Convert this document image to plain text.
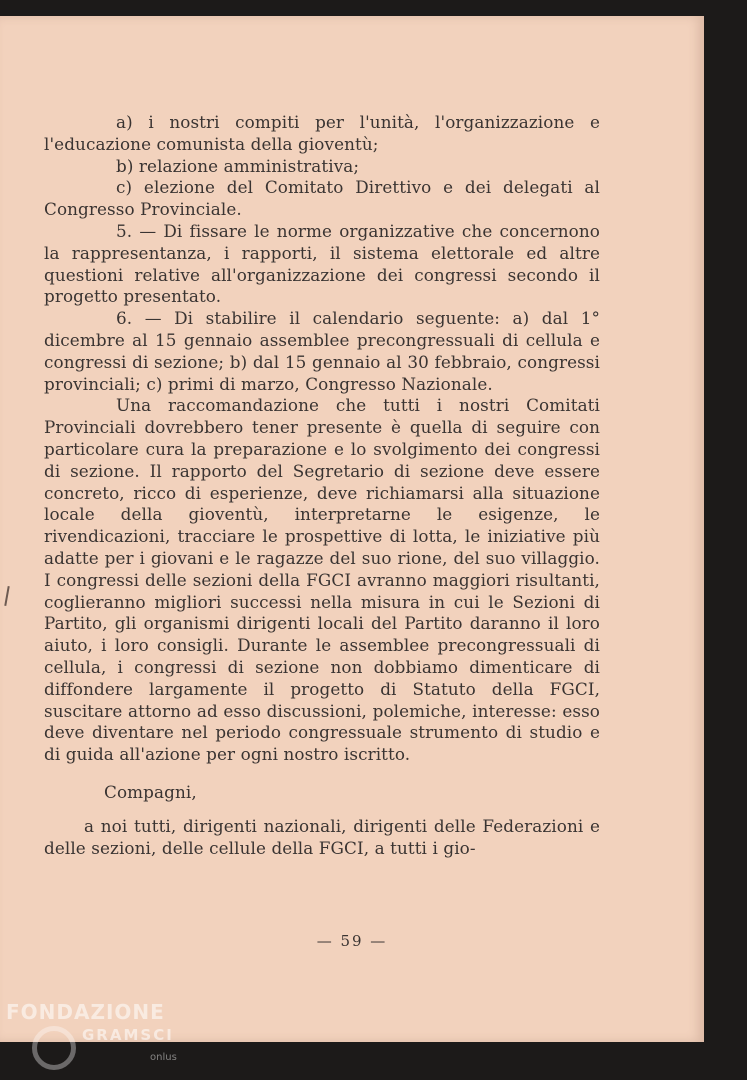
a) i nostri compiti per l'unità, l'organizzazione e l'educazione comunista della gioventù;

b) relazione amministrativa;

c) elezione del Comitato Direttivo e dei delegati al Congresso Provinciale.

5. — Di fissare le norme organizzative che concernono la rappresentanza, i rapporti, il sistema elettorale ed altre questioni relative all'organizzazione dei congressi secondo il progetto presentato.

6. — Di stabilire il calendario seguente: a) dal 1° dicembre al 15 gennaio assemblee precongressuali di cellula e congressi di sezione; b) dal 15 gennaio al 30 febbraio, congressi provinciali; c) primi di marzo, Congresso Nazionale.

Una raccomandazione che tutti i nostri Comitati Provinciali dovrebbero tener presente è quella di seguire con particolare cura la preparazione e lo svolgimento dei congressi di sezione. Il rapporto del Segretario di sezione deve essere concreto, ricco di esperienze, deve richiamarsi alla situazione locale della gioventù, interpretarne le esigenze, le rivendicazioni, tracciare le prospettive di lotta, le iniziative più adatte per i giovani e le ragazze del suo rione, del suo villaggio. I congressi delle sezioni della FGCI avranno maggiori risultanti, coglieranno migliori successi nella misura in cui le Sezioni di Partito, gli organismi dirigenti locali del Partito daranno il loro aiuto, i loro consigli. Durante le assemblee precongressuali di cellula, i congressi di sezione non dobbiamo dimenticare di diffondere largamente il progetto di Statuto della FGCI, suscitare attorno ad esso discussioni, polemiche, interesse: esso deve diventare nel periodo congressuale strumento di studio e di guida all'azione per ogni nostro iscritto.

Compagni,

a noi tutti, dirigenti nazionali, dirigenti delle Federazioni e delle sezioni, delle cellule della FGCI, a tutti i gio-

— 59 —
FONDAZIONE
GRAMSCI
onlus
